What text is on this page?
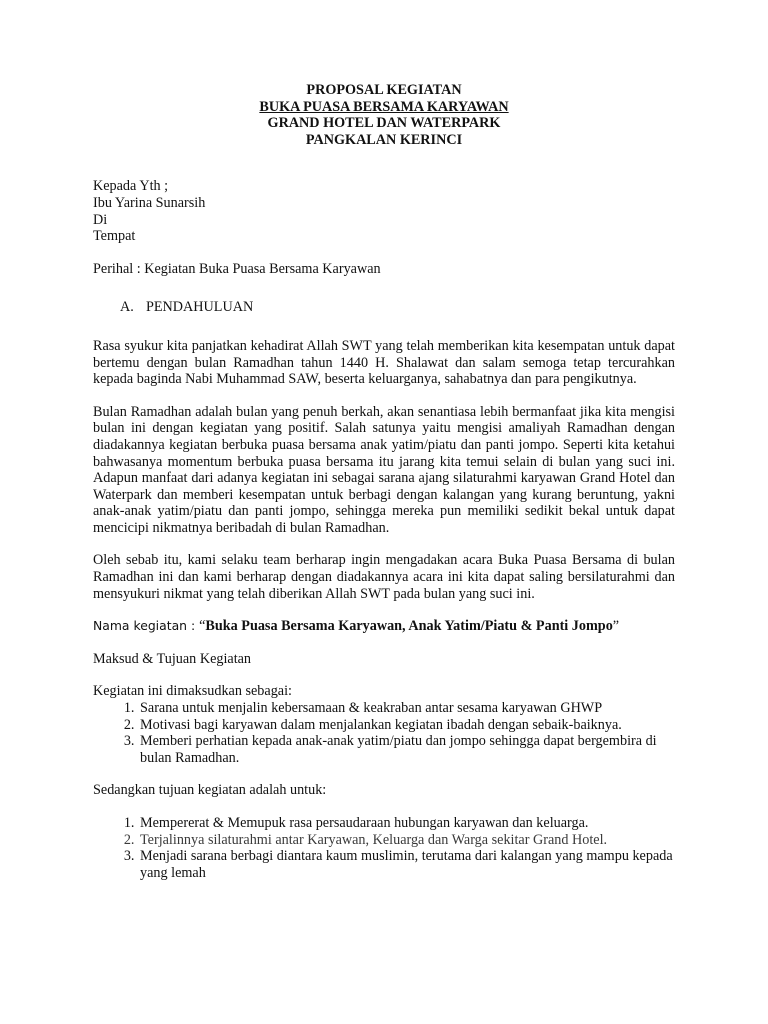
PROPOSAL KEGIATAN
BUKA PUASA BERSAMA KARYAWAN
GRAND HOTEL DAN WATERPARK
PANGKALAN KERINCI
Kepada Yth ;
Ibu Yarina Sunarsih
Di
Tempat
Perihal : Kegiatan Buka Puasa Bersama Karyawan
A. PENDAHULUAN

Rasa syukur kita panjatkan kehadirat Allah SWT yang telah memberikan kita kesempatan untuk dapat bertemu dengan bulan Ramadhan tahun 1440 H. Shalawat dan salam semoga tetap tercurahkan kepada baginda Nabi Muhammad SAW, beserta keluarganya, sahabatnya dan para pengikutnya.

Bulan Ramadhan adalah bulan yang penuh berkah, akan senantiasa lebih bermanfaat jika kita mengisi bulan ini dengan kegiatan yang positif. Salah satunya yaitu mengisi amaliyah Ramadhan dengan diadakannya kegiatan berbuka puasa bersama anak yatim/piatu dan panti jompo. Seperti kita ketahui bahwasanya momentum berbuka puasa bersama itu jarang kita temui selain di bulan yang suci ini. Adapun manfaat dari adanya kegiatan ini sebagai sarana ajang silaturahmi karyawan Grand Hotel dan Waterpark dan memberi kesempatan untuk berbagi dengan kalangan yang kurang beruntung, yakni anak-anak yatim/piatu dan panti jompo, sehingga mereka pun memiliki sedikit bekal untuk dapat mencicipi nikmatnya beribadah di bulan Ramadhan.

Oleh sebab itu, kami selaku team berharap ingin mengadakan acara Buka Puasa Bersama di bulan Ramadhan ini dan kami berharap dengan diadakannya acara ini kita dapat saling bersilaturahmi dan mensyukuri nikmat yang telah diberikan Allah SWT pada bulan yang suci ini.

Nama kegiatan : “Buka Puasa Bersama Karyawan, Anak Yatim/Piatu & Panti Jompo”
Maksud & Tujuan Kegiatan
Kegiatan ini dimaksudkan sebagai:
1. Sarana untuk menjalin kebersamaan & keakraban antar sesama karyawan GHWP
2. Motivasi bagi karyawan dalam menjalankan kegiatan ibadah dengan sebaik-baiknya.
3. Memberi perhatian kepada anak-anak yatim/piatu dan jompo sehingga dapat bergembira di bulan Ramadhan.
Sedangkan tujuan kegiatan adalah untuk:
1. Mempererat & Memupuk rasa persaudaraan hubungan karyawan dan keluarga.
2. Terjalinnya silaturahmi antar Karyawan, Keluarga dan Warga sekitar Grand Hotel.
3. Menjadi sarana berbagi diantara kaum muslimin, terutama dari kalangan yang mampu kepada yang lemah
